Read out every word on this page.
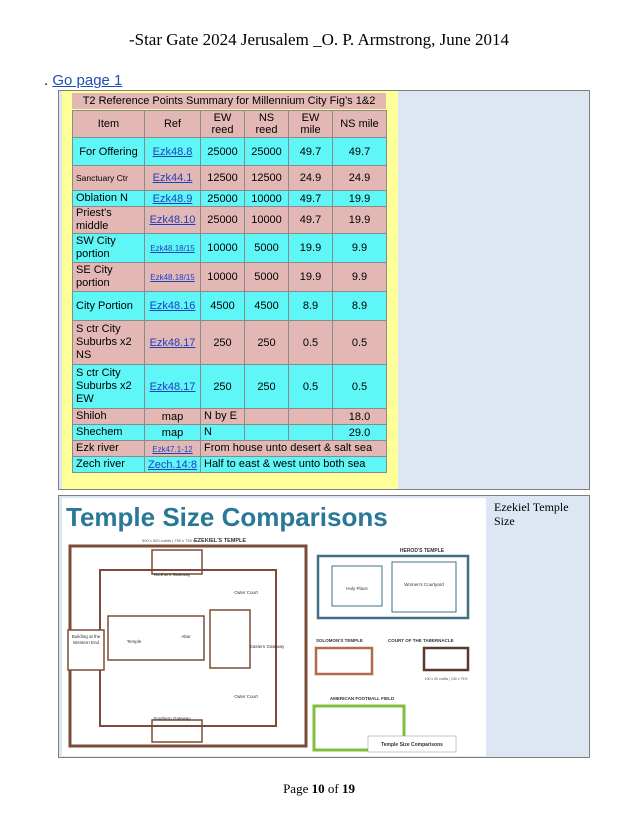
-Star Gate 2024 Jerusalem _O. P. Armstrong, June 2014
. Go page 1
T2 Reference Points Summary for Millennium City Fig’s 1&2
Item	Ref	EW reed	NS reed	EW mile	NS mile
For Offering	Ezk48.8	25000	25000	49.7	49.7
Sanctuary Ctr	Ezk44.1	12500	12500	24.9	24.9
Oblation N	Ezk48.9	25000	10000	49.7	19.9
Priest's middle	Ezk48.10	25000	10000	49.7	19.9
SW City portion	Ezk48.18/15	10000	5000	19.9	9.9
SE City portion	Ezk48.18/15	10000	5000	19.9	9.9
City Portion	Ezk48.16	4500	4500	8.9	8.9
S ctr City Suburbs x2 NS	Ezk48.17	250	250	0.5	0.5
S ctr City Suburbs x2 EW	Ezk48.17	250	250	0.5	0.5
Shiloh	map	N by E			18.0
Shechem	map	N			29.0
Ezk river	Ezk47.1-12	From house unto desert & salt sea			
Zech river	Zech.14:8	Half to east & west unto both sea			
Temple Size Comparisons
EZEKIEL'S TEMPLE
500 x 500 cubits | 750 x 750 ft
Northern Gateway
Southern Gateway
Outer Court
Outer Court
Eastern Gateway
Altar
Temple
Building at the Western End
HEROD'S TEMPLE
Holy Place
Women's Courtyard
SOLOMON'S TEMPLE	COURT OF THE TABERNACLE
100 x 50 cubits | 150 x 75 ft
AMERICAN FOOTBALL FIELD
Temple Size Comparisons
Ezekiel Temple Size
Page 10 of 19
